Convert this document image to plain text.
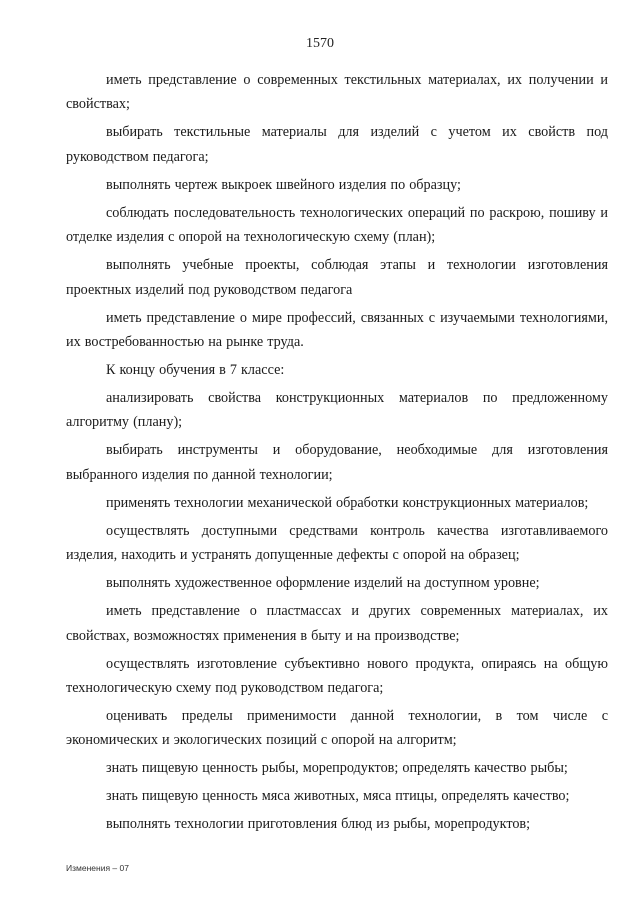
1570

иметь представление о современных текстильных материалах, их получении и свойствах;

выбирать текстильные материалы для изделий с учетом их свойств под руководством педагога;

выполнять чертеж выкроек швейного изделия по образцу;

соблюдать последовательность технологических операций по раскрою, пошиву и отделке изделия с опорой на технологическую схему (план);

выполнять учебные проекты, соблюдая этапы и технологии изготовления проектных изделий под руководством педагога

иметь представление о мире профессий, связанных с изучаемыми технологиями, их востребованностью на рынке труда.

К концу обучения в 7 классе:

анализировать свойства конструкционных материалов по предложенному алгоритму (плану);

выбирать инструменты и оборудование, необходимые для изготовления выбранного изделия по данной технологии;

применять технологии механической обработки конструкционных материалов;

осуществлять доступными средствами контроль качества изготавливаемого изделия, находить и устранять допущенные дефекты с опорой на образец;

выполнять художественное оформление изделий на доступном уровне;

иметь представление о пластмассах и других современных материалах, их свойствах, возможностях применения в быту и на производстве;

осуществлять изготовление субъективно нового продукта, опираясь на общую технологическую схему под руководством педагога;

оценивать пределы применимости данной технологии, в том числе с экономических и экологических позиций с опорой на алгоритм;

знать пищевую ценность рыбы, морепродуктов; определять качество рыбы;

знать пищевую ценность мяса животных, мяса птицы, определять качество;

выполнять технологии приготовления блюд из рыбы, морепродуктов;

Изменения – 07
